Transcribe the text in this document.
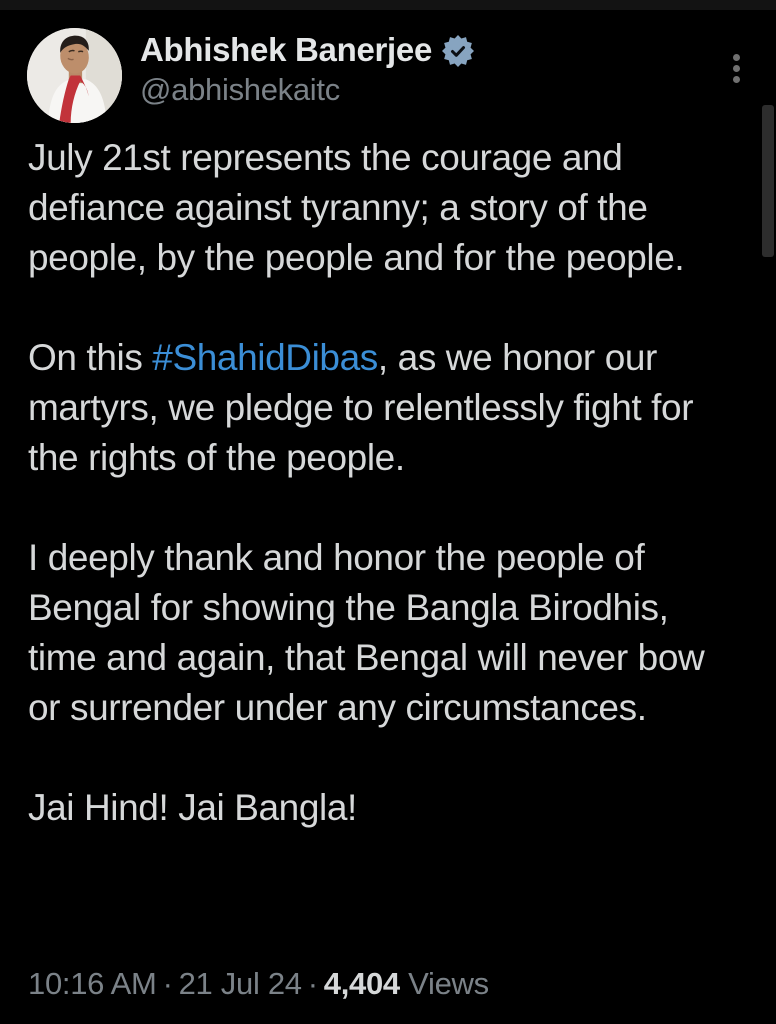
Abhishek Banerjee
@abhishekaitc

July 21st represents the courage and defiance against tyranny; a story of the people, by the people and for the people.

On this #ShahidDibas, as we honor our martyrs, we pledge to relentlessly fight for the rights of the people.

I deeply thank and honor the people of Bengal for showing the Bangla Birodhis, time and again, that Bengal will never bow or surrender under any circumstances.

Jai Hind! Jai Bangla!

10:16 AM · 21 Jul 24 · 4,404 Views
